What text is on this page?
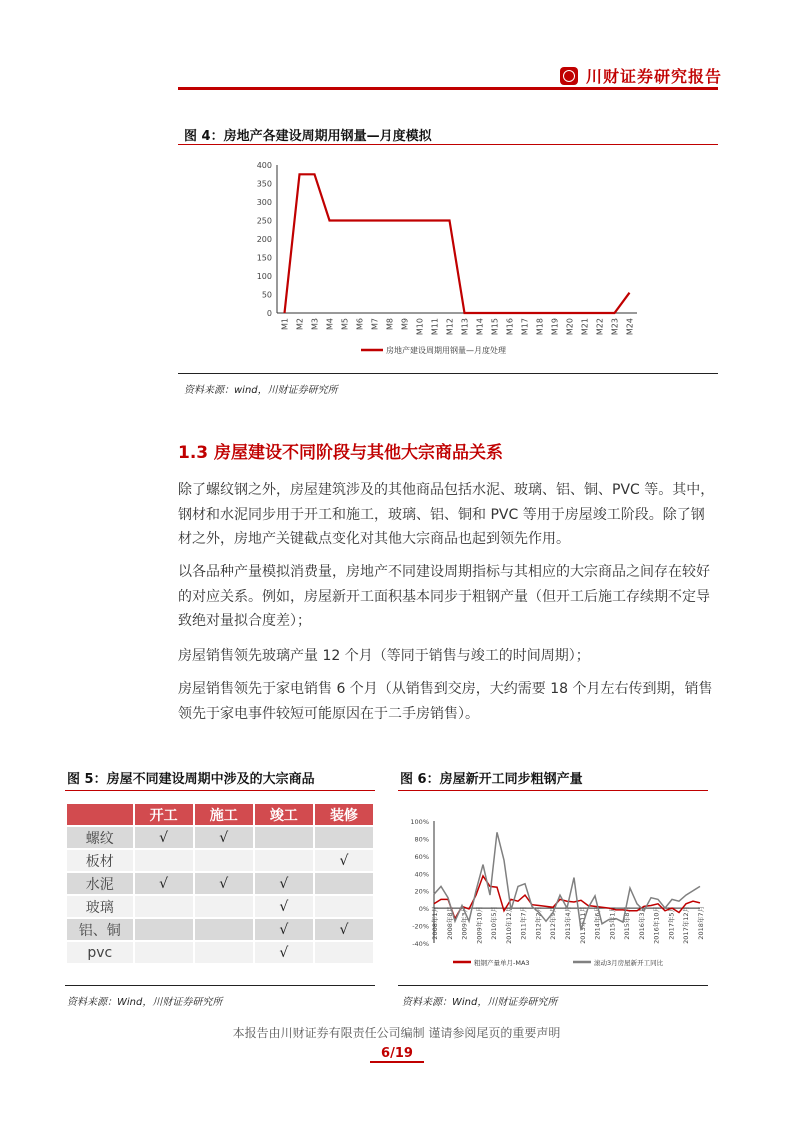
川财证券研究报告
图 4：房地产各建设周期用钢量—月度模拟
0
50
100
150
200
250
300
350
400
M1 M2 M3 M4 M5 M6 M7 M8 M9 M10 M11 M12 M13 M14 M15 M16 M17 M18 M19 M20 M21 M22 M23 M24
房地产建设周期用钢量—月度处理
资料来源：wind，川财证券研究所
1.3 房屋建设不同阶段与其他大宗商品关系
除了螺纹钢之外，房屋建筑涉及的其他商品包括水泥、玻璃、铝、铜、PVC 等。其中，钢材和水泥同步用于开工和施工，玻璃、铝、铜和 PVC 等用于房屋竣工阶段。除了钢材之外，房地产关键截点变化对其他大宗商品也起到领先作用。
以各品种产量模拟消费量，房地产不同建设周期指标与其相应的大宗商品之间存在较好的对应关系。例如，房屋新开工面积基本同步于粗钢产量（但开工后施工存续期不定导致绝对量拟合度差）；
房屋销售领先玻璃产量 12 个月（等同于销售与竣工的时间周期）；
房屋销售领先于家电销售 6 个月（从销售到交房，大约需要 18 个月左右传到期，销售领先于家电事件较短可能原因在于二手房销售）。
图 5：房屋不同建设周期中涉及的大宗商品
	开工	施工	竣工	装修
螺纹	√	√		
板材				√
水泥	√	√	√	
玻璃			√	
铝、铜			√	√
pvc			√	
资料来源：Wind，川财证券研究所
图 6：房屋新开工同步粗钢产量
-40%
-20%
0%
20%
40%
60%
80%
100%
2008年1月 2008年8月 2009年3月 2009年10月 2010年5月 2010年12月 2011年7月 2012年2月 2012年9月 2013年4月 2013年11月 2014年6月 2015年1月 2015年8月 2016年3月 2016年10月 2017年5月 2017年12月 2018年7月
粗钢产量单月-MA3	滚动3月房屋新开工同比
资料来源：Wind，川财证券研究所
本报告由川财证券有限责任公司编制 谨请参阅尾页的重要声明
6/19
